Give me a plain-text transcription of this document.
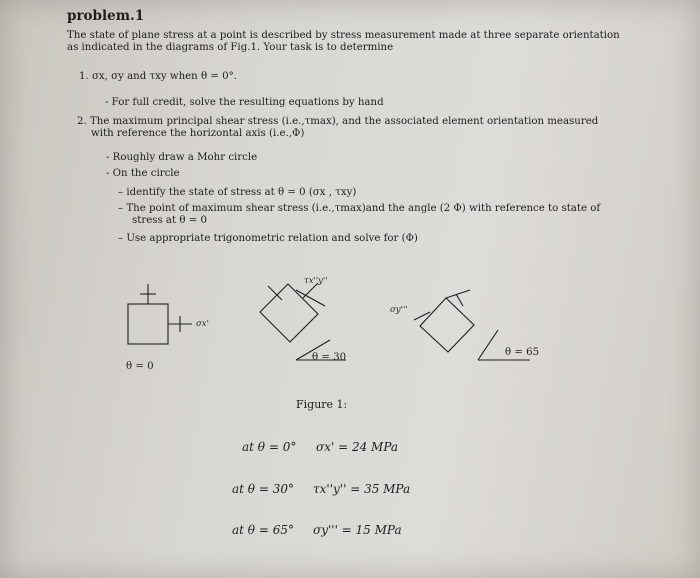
problem.1
The state of plane stress at a point is described by stress measurement made at three separate orientation
as indicated in the diagrams of Fig.1. Your task is to determine
1. σx, σy and τxy when θ = 0°.
- For full credit, solve the resulting equations by hand
2. The maximum principal shear stress (i.e.,τmax), and the associated element orientation measured
with reference the horizontal axis (i.e.,Φ)
- Roughly draw a Mohr circle
- On the circle
– identify the state of stress at θ = 0 (σx , τxy)
– The point of maximum shear stress (i.e.,τmax)and the angle (2 Φ) with reference to state of
stress at θ = 0
– Use appropriate trigonometric relation and solve for (Φ)
θ = 0
θ = 30	θ = 65
σx'
τx''y''
σy'''
Figure 1:
at θ = 0° σx' = 24 MPa
at θ = 30° τx''y'' = 35 MPa
at θ = 65° σy''' = 15 MPa
